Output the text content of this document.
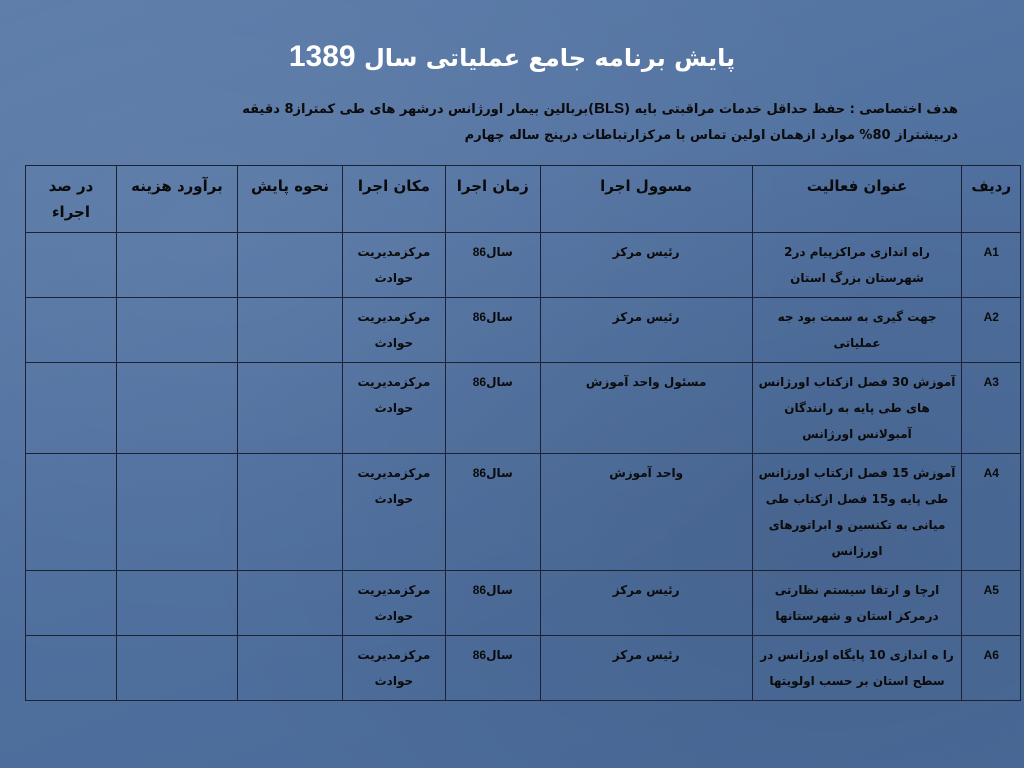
پایش برنامه جامع عملیاتی سال 1389
هدف اختصاصی : حفظ حداقل خدمات مراقبتی بایه (BLS)بربالین بیمار اورژانس درشهر های طی کمتراز8 دقیقه دربیشتراز 80% موارد ازهمان اولین تماس با مرکزارتباطات درپنج ساله چهارم
ردیف	عنوان فعالیت	مسوول اجرا	زمان اجرا	مکان اجرا	نحوه پایش	برآورد هزینه	در صد اجراء
A1	راه اندازی مراکزپیام در2 شهرستان بزرگ استان	رئیس مرکز	سال86	مرکزمدیریت حوادث			
A2	جهت گیری به سمت بود جه عملیاتی	رئیس مرکز	سال86	مرکزمدیریت حوادث			
A3	آموزش 30 فصل ازکتاب اورژانس های طی پایه به رانندگان آمبولانس اورژانس	مسئول واحد آموزش	سال86	مرکزمدیریت حوادث			
A4	آموزش 15 فصل ازکتاب اورژانس طی پایه و15 فصل ازکتاب طی میانی به تکنسین و ابراتورهای اورژانس	واحد آموزش	سال86	مرکزمدیریت حوادث			
A5	ارچا و ارتقا سیستم نظارتی درمرکز استان و شهرستانها	رئیس مرکز	سال86	مرکزمدیریت حوادث			
A6	را ه اندازی 10 پایگاه اورژانس در سطح استان بر حسب اولویتها	رئیس مرکز	سال86	مرکزمدیریت حوادث			
